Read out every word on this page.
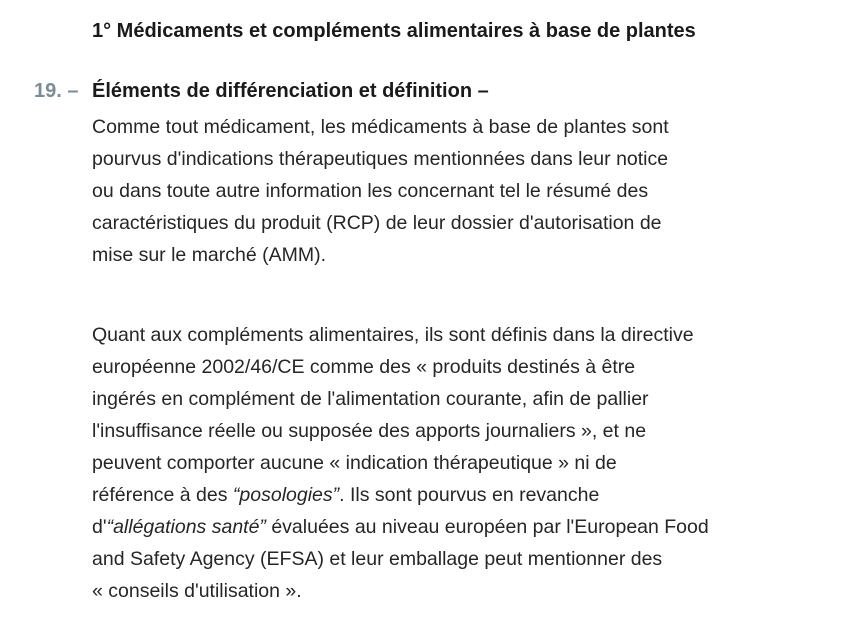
1° Médicaments et compléments alimentaires à base de plantes
19. – Éléments de différenciation et définition –
Comme tout médicament, les médicaments à base de plantes sont
pourvus d'indications thérapeutiques mentionnées dans leur notice
ou dans toute autre information les concernant tel le résumé des
caractéristiques du produit (RCP) de leur dossier d'autorisation de
mise sur le marché (AMM).
Quant aux compléments alimentaires, ils sont définis dans la directive
européenne 2002/46/CE comme des « produits destinés à être
ingérés en complément de l'alimentation courante, afin de pallier
l'insuffisance réelle ou supposée des apports journaliers », et ne
peuvent comporter aucune « indication thérapeutique » ni de
référence à des “posologies”. Ils sont pourvus en revanche
d'“allégations santé” évaluées au niveau européen par l'European Food
and Safety Agency (EFSA) et leur emballage peut mentionner des
« conseils d'utilisation ».
